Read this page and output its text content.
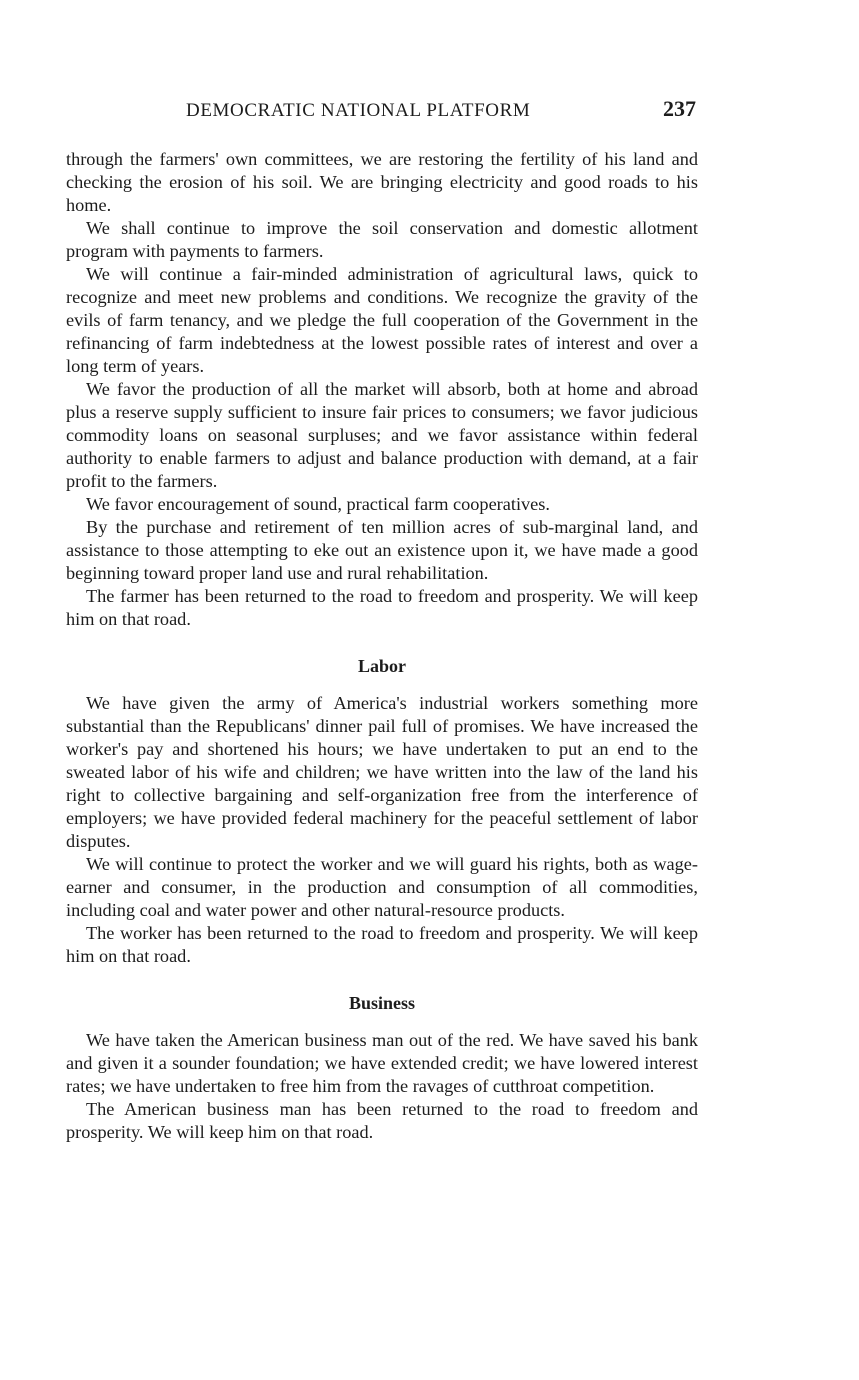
DEMOCRATIC NATIONAL PLATFORM	237

through the farmers' own committees, we are restoring the fertility of his land and checking the erosion of his soil. We are bringing electricity and good roads to his home.

We shall continue to improve the soil conservation and domestic allotment program with payments to farmers.

We will continue a fair-minded administration of agricultural laws, quick to recognize and meet new problems and conditions. We recognize the gravity of the evils of farm tenancy, and we pledge the full cooperation of the Government in the refinancing of farm indebtedness at the lowest possible rates of interest and over a long term of years.

We favor the production of all the market will absorb, both at home and abroad plus a reserve supply sufficient to insure fair prices to consumers; we favor judicious commodity loans on seasonal surpluses; and we favor assistance within federal authority to enable farmers to adjust and balance production with demand, at a fair profit to the farmers.

We favor encouragement of sound, practical farm cooperatives.

By the purchase and retirement of ten million acres of sub-marginal land, and assistance to those attempting to eke out an existence upon it, we have made a good beginning toward proper land use and rural rehabilitation.

The farmer has been returned to the road to freedom and prosperity. We will keep him on that road.

Labor

We have given the army of America's industrial workers something more substantial than the Republicans' dinner pail full of promises. We have increased the worker's pay and shortened his hours; we have undertaken to put an end to the sweated labor of his wife and children; we have written into the law of the land his right to collective bargaining and self-organization free from the interference of employers; we have provided federal machinery for the peaceful settlement of labor disputes.

We will continue to protect the worker and we will guard his rights, both as wage-earner and consumer, in the production and consumption of all commodities, including coal and water power and other natural-resource products.

The worker has been returned to the road to freedom and prosperity. We will keep him on that road.

Business

We have taken the American business man out of the red. We have saved his bank and given it a sounder foundation; we have extended credit; we have lowered interest rates; we have undertaken to free him from the ravages of cutthroat competition.

The American business man has been returned to the road to freedom and prosperity. We will keep him on that road.
